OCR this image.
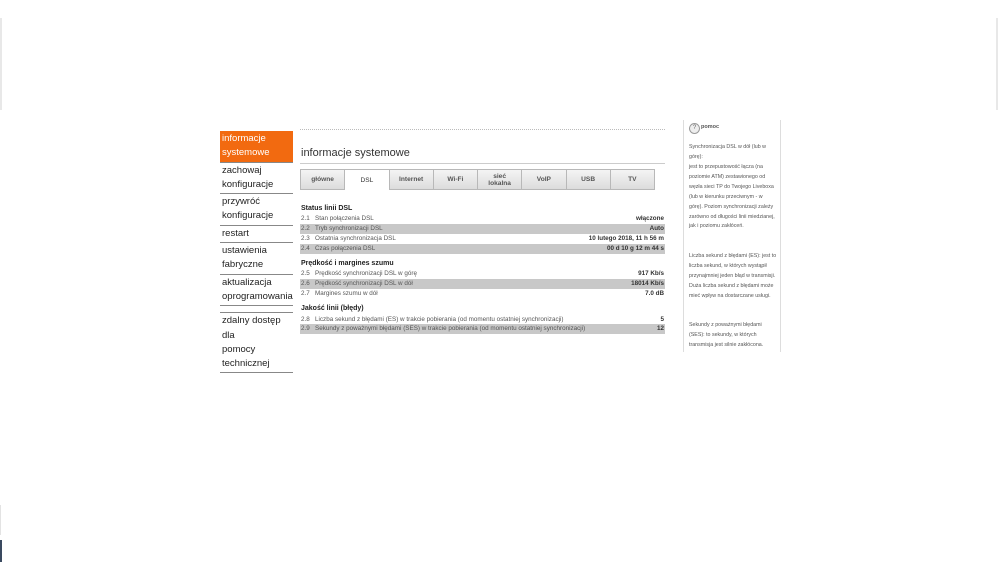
informacje
systemowe
zachowaj
konfiguracje
przywróć
konfiguracje
restart
ustawienia
fabryczne
aktualizacja
oprogramowania
zdalny dostęp dla
pomocy
technicznej
informacje systemowe
główne	DSL	Internet	Wi-Fi	sieć
lokalna	VoIP	USB	TV
Status linii DSL
2.1 Stan połączenia DSL	włączone
2.2 Tryb synchronizacji DSL	Auto
2.3 Ostatnia synchronizacja DSL	10 lutego 2018, 11 h 56 m
2.4 Czas połączenia DSL	00 d 10 g 12 m 44 s
Prędkość i margines szumu
2.5 Prędkość synchronizacji DSL w górę	917 Kb/s
2.6 Prędkość synchronizacji DSL w dół	18014 Kb/s
2.7 Margines szumu w dół	7.0 dB
Jakość linii (błędy)
2.8 Liczba sekund z błędami (ES) w trakcie pobierania (od momentu ostatniej synchronizacji)	5
2.9 Sekundy z poważnymi błędami (SES) w trakcie pobierania (od momentu ostatniej synchronizacji)	12
? pomoc
Synchronizacja DSL w dół (lub w górę):
jest to przepustowość łącza (na poziomie ATM) zestawionego od węzła sieci TP do Twojego Liveboxa (lub w kierunku przeciwnym - w górę). Poziom synchronizacji zależy zarówno od długości linii miedzianej, jak i poziomu zakłóceń.
Liczba sekund z błędami (ES): jest to liczba sekund, w których wystąpił przynajmniej jeden błąd w transmisji. Duża liczba sekund z błędami może mieć wpływ na dostarczane usługi.
Sekundy z poważnymi błędami (SES): to sekundy, w których transmisja jest silnie zakłócona.
